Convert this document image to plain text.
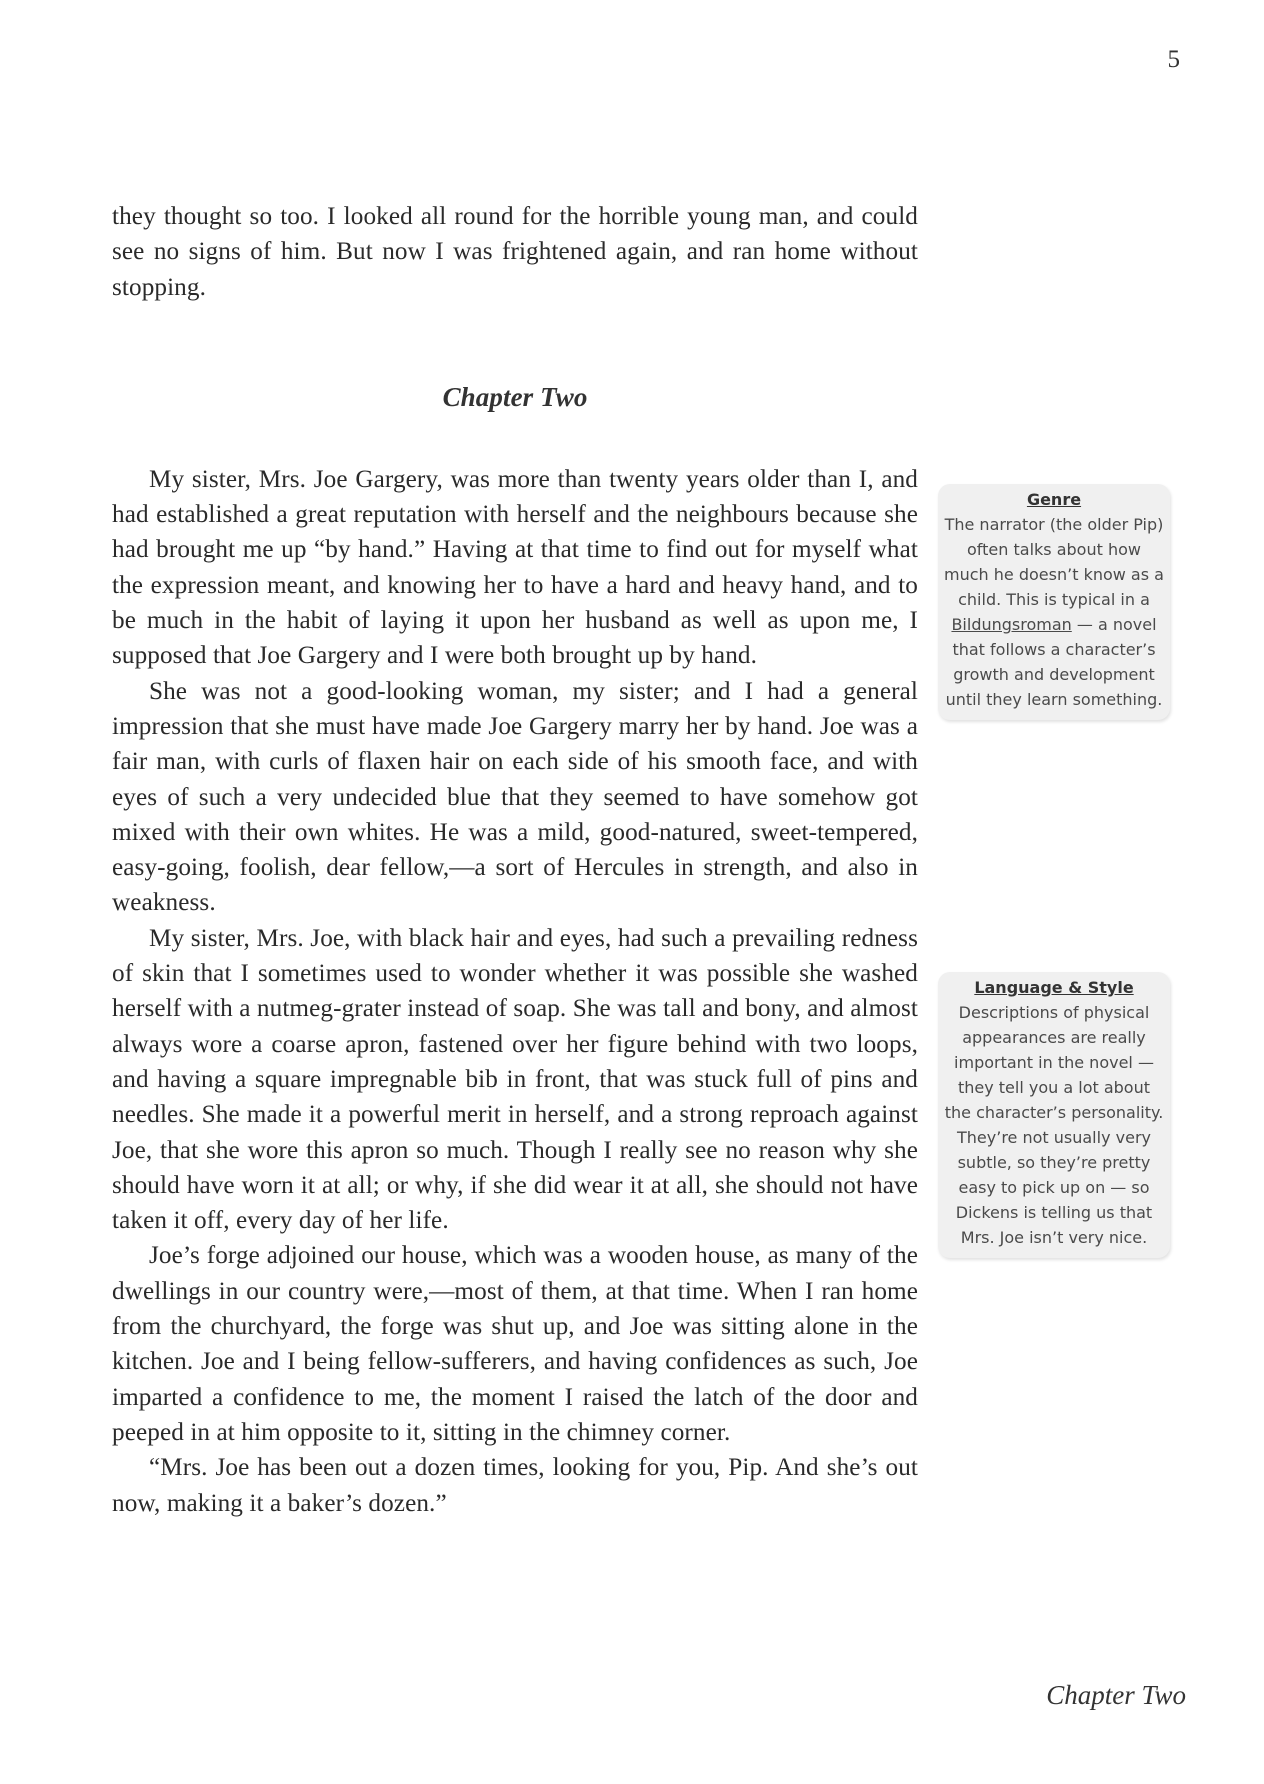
5

they thought so too. I looked all round for the horrible young man, and could see no signs of him. But now I was frightened again, and ran home without stopping.

Chapter Two

My sister, Mrs. Joe Gargery, was more than twenty years older than I, and had established a great reputation with herself and the neighbours because she had brought me up “by hand.” Having at that time to find out for myself what the expression meant, and knowing her to have a hard and heavy hand, and to be much in the habit of laying it upon her husband as well as upon me, I supposed that Joe Gargery and I were both brought up by hand.

She was not a good-looking woman, my sister; and I had a general impression that she must have made Joe Gargery marry her by hand. Joe was a fair man, with curls of flaxen hair on each side of his smooth face, and with eyes of such a very undecided blue that they seemed to have somehow got mixed with their own whites. He was a mild, good-natured, sweet-tempered, easy-going, foolish, dear fellow,—a sort of Hercules in strength, and also in weakness.

My sister, Mrs. Joe, with black hair and eyes, had such a prevailing redness of skin that I sometimes used to wonder whether it was possible she washed herself with a nutmeg-grater instead of soap. She was tall and bony, and almost always wore a coarse apron, fastened over her figure behind with two loops, and having a square impregnable bib in front, that was stuck full of pins and needles. She made it a powerful merit in herself, and a strong reproach against Joe, that she wore this apron so much. Though I really see no reason why she should have worn it at all; or why, if she did wear it at all, she should not have taken it off, every day of her life.

Joe’s forge adjoined our house, which was a wooden house, as many of the dwellings in our country were,—most of them, at that time. When I ran home from the churchyard, the forge was shut up, and Joe was sitting alone in the kitchen. Joe and I being fellow-sufferers, and having confidences as such, Joe imparted a confidence to me, the moment I raised the latch of the door and peeped in at him opposite to it, sitting in the chimney corner.

“Mrs. Joe has been out a dozen times, looking for you, Pip. And she’s out now, making it a baker’s dozen.”

Genre
The narrator (the older Pip) often talks about how much he doesn’t know as a child. This is typical in a Bildungsroman — a novel that follows a character’s growth and development until they learn something.
Language & Style
Descriptions of physical appearances are really important in the novel — they tell you a lot about the character’s personality. They’re not usually very subtle, so they’re pretty easy to pick up on — so Dickens is telling us that Mrs. Joe isn’t very nice.
Chapter Two
